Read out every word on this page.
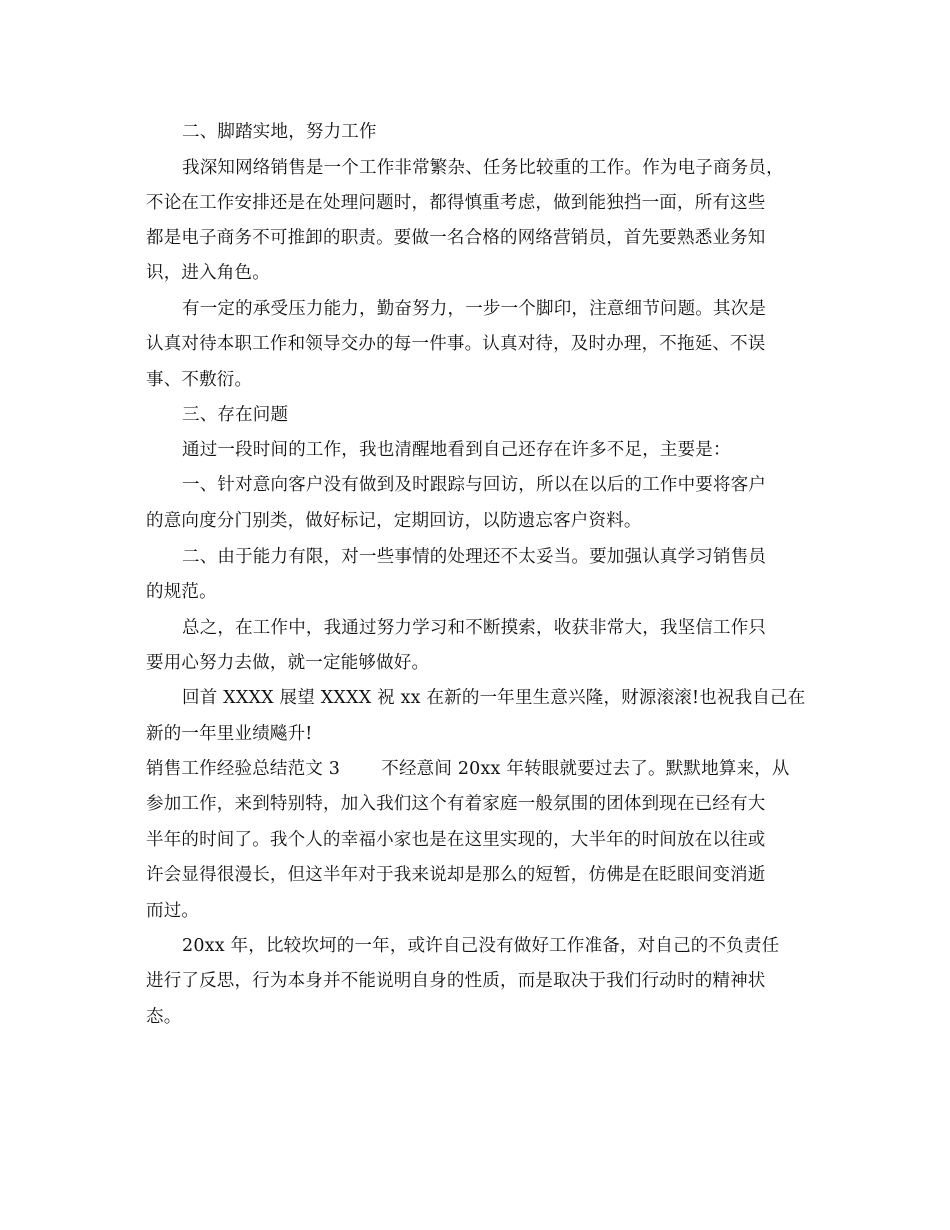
二、脚踏实地，努力工作
我深知网络销售是一个工作非常繁杂、任务比较重的工作。作为电子商务员，
不论在工作安排还是在处理问题时，都得慎重考虑，做到能独挡一面，所有这些
都是电子商务不可推卸的职责。要做一名合格的网络营销员，首先要熟悉业务知
识，进入角色。
有一定的承受压力能力，勤奋努力，一步一个脚印，注意细节问题。其次是
认真对待本职工作和领导交办的每一件事。认真对待，及时办理，不拖延、不误
事、不敷衍。
三、存在问题
通过一段时间的工作，我也清醒地看到自己还存在许多不足，主要是：
一、针对意向客户没有做到及时跟踪与回访，所以在以后的工作中要将客户
的意向度分门别类，做好标记，定期回访，以防遗忘客户资料。
二、由于能力有限，对一些事情的处理还不太妥当。要加强认真学习销售员
的规范。
总之，在工作中，我通过努力学习和不断摸索，收获非常大，我坚信工作只
要用心努力去做，就一定能够做好。
回首 XXXX 展望 XXXX 祝 xx 在新的一年里生意兴隆，财源滚滚!也祝我自己在
新的一年里业绩飚升!
销售工作经验总结范文 3　　 不经意间 20xx 年转眼就要过去了。默默地算来，从
参加工作，来到特别特，加入我们这个有着家庭一般氛围的团体到现在已经有大
半年的时间了。我个人的幸福小家也是在这里实现的，大半年的时间放在以往或
许会显得很漫长，但这半年对于我来说却是那么的短暂，仿佛是在眨眼间变消逝
而过。
20xx 年，比较坎坷的一年，或许自己没有做好工作准备，对自己的不负责任
进行了反思，行为本身并不能说明自身的性质，而是取决于我们行动时的精神状
态。
